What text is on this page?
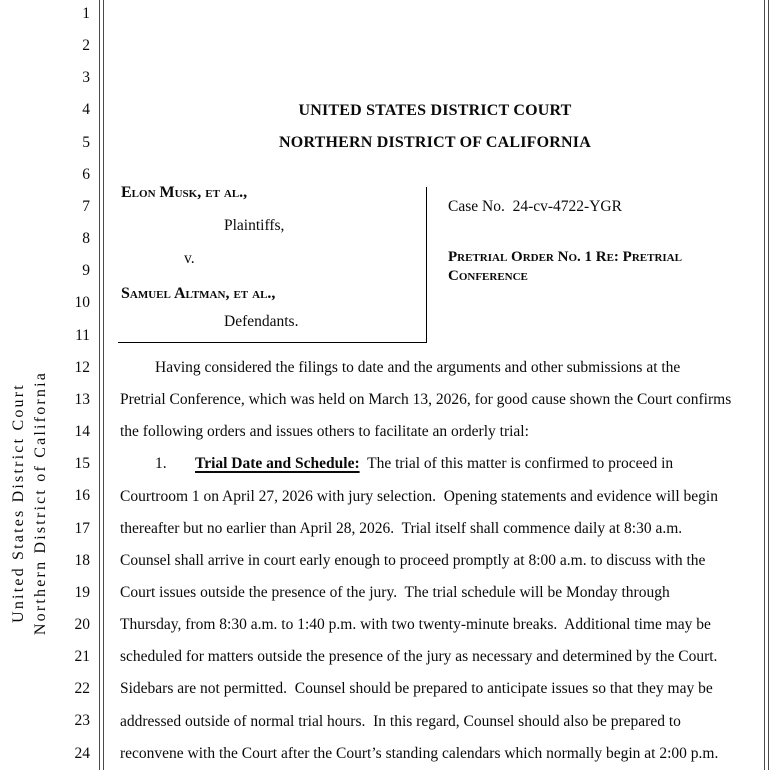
United States District Court Northern District of California
1
2
3
4
5
6
7
8
9
10
11
12
13
14
15
16
17
18
19
20
21
22
23
24
UNITED STATES DISTRICT COURT
NORTHERN DISTRICT OF CALIFORNIA
Elon Musk, et al.,
Plaintiffs,
v.
Samuel Altman, et al.,
Defendants.
Case No.  24-cv-4722-YGR
Pretrial Order No. 1 Re: Pretrial
Conference
Having considered the filings to date and the arguments and other submissions at the
Pretrial Conference, which was held on March 13, 2026, for good cause shown the Court confirms
the following orders and issues others to facilitate an orderly trial:
1. Trial Date and Schedule:  The trial of this matter is confirmed to proceed in
Courtroom 1 on April 27, 2026 with jury selection.  Opening statements and evidence will begin
thereafter but no earlier than April 28, 2026.  Trial itself shall commence daily at 8:30 a.m.
Counsel shall arrive in court early enough to proceed promptly at 8:00 a.m. to discuss with the
Court issues outside the presence of the jury.  The trial schedule will be Monday through
Thursday, from 8:30 a.m. to 1:40 p.m. with two twenty-minute breaks.  Additional time may be
scheduled for matters outside the presence of the jury as necessary and determined by the Court.
Sidebars are not permitted.  Counsel should be prepared to anticipate issues so that they may be
addressed outside of normal trial hours.  In this regard, Counsel should also be prepared to
reconvene with the Court after the Court’s standing calendars which normally begin at 2:00 p.m.
